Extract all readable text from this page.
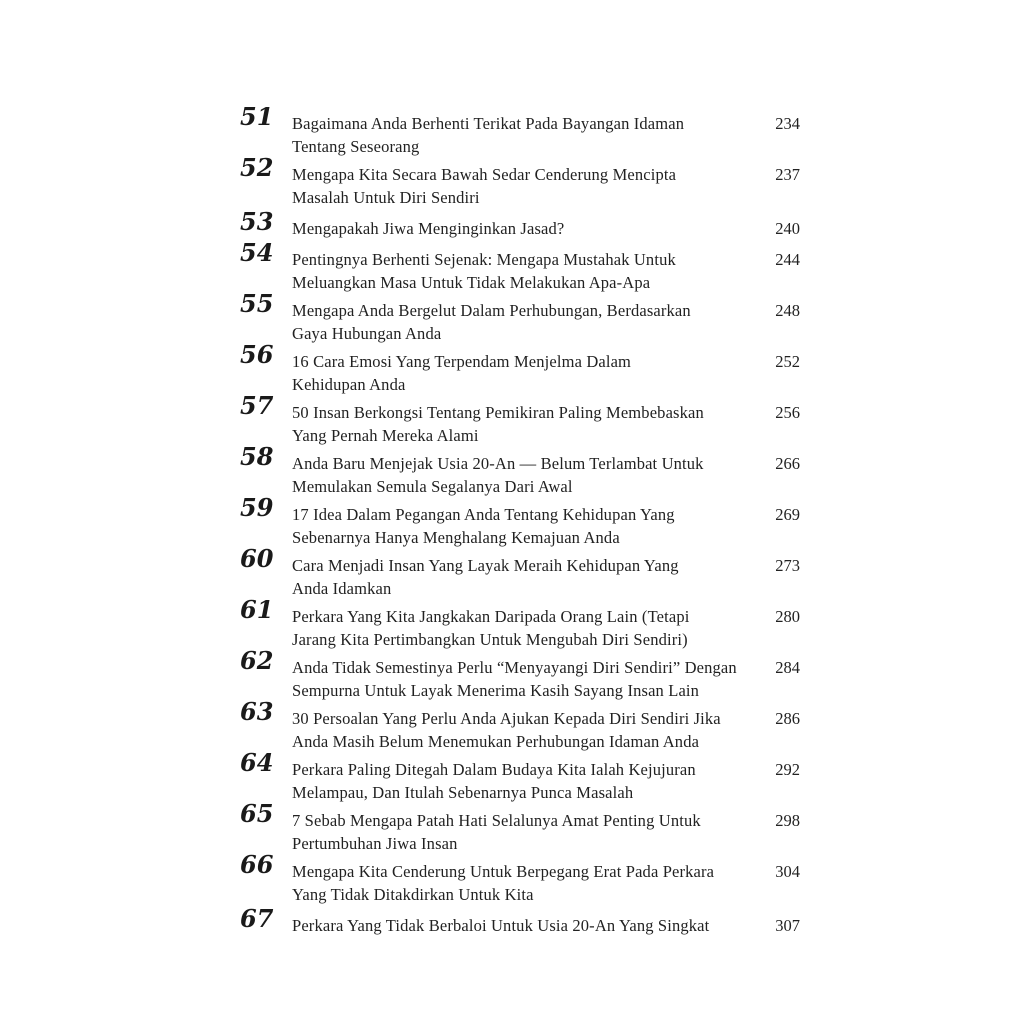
51 Bagaimana Anda Berhenti Terikat Pada Bayangan Idaman
Tentang Seseorang
234
52 Mengapa Kita Secara Bawah Sedar Cenderung Mencipta
Masalah Untuk Diri Sendiri
237
53 Mengapakah Jiwa Menginginkan Jasad?	240
54 Pentingnya Berhenti Sejenak: Mengapa Mustahak Untuk
Meluangkan Masa Untuk Tidak Melakukan Apa-Apa
244
55 Mengapa Anda Bergelut Dalam Perhubungan, Berdasarkan
Gaya Hubungan Anda
248
56 16 Cara Emosi Yang Terpendam Menjelma Dalam
Kehidupan Anda
252
57 50 Insan Berkongsi Tentang Pemikiran Paling Membebaskan
Yang Pernah Mereka Alami
256
58 Anda Baru Menjejak Usia 20-An — Belum Terlambat Untuk
Memulakan Semula Segalanya Dari Awal
266
59 17 Idea Dalam Pegangan Anda Tentang Kehidupan Yang
Sebenarnya Hanya Menghalang Kemajuan Anda
269
60 Cara Menjadi Insan Yang Layak Meraih Kehidupan Yang
Anda Idamkan
273
61 Perkara Yang Kita Jangkakan Daripada Orang Lain (Tetapi
Jarang Kita Pertimbangkan Untuk Mengubah Diri Sendiri)
280
62 Anda Tidak Semestinya Perlu “Menyayangi Diri Sendiri” Dengan
Sempurna Untuk Layak Menerima Kasih Sayang Insan Lain
284
63 30 Persoalan Yang Perlu Anda Ajukan Kepada Diri Sendiri Jika
Anda Masih Belum Menemukan Perhubungan Idaman Anda
286
64 Perkara Paling Ditegah Dalam Budaya Kita Ialah Kejujuran
Melampau, Dan Itulah Sebenarnya Punca Masalah
292
65 7 Sebab Mengapa Patah Hati Selalunya Amat Penting Untuk
Pertumbuhan Jiwa Insan
298
66 Mengapa Kita Cenderung Untuk Berpegang Erat Pada Perkara
Yang Tidak Ditakdirkan Untuk Kita
304
67 Perkara Yang Tidak Berbaloi Untuk Usia 20-An Yang Singkat	307
